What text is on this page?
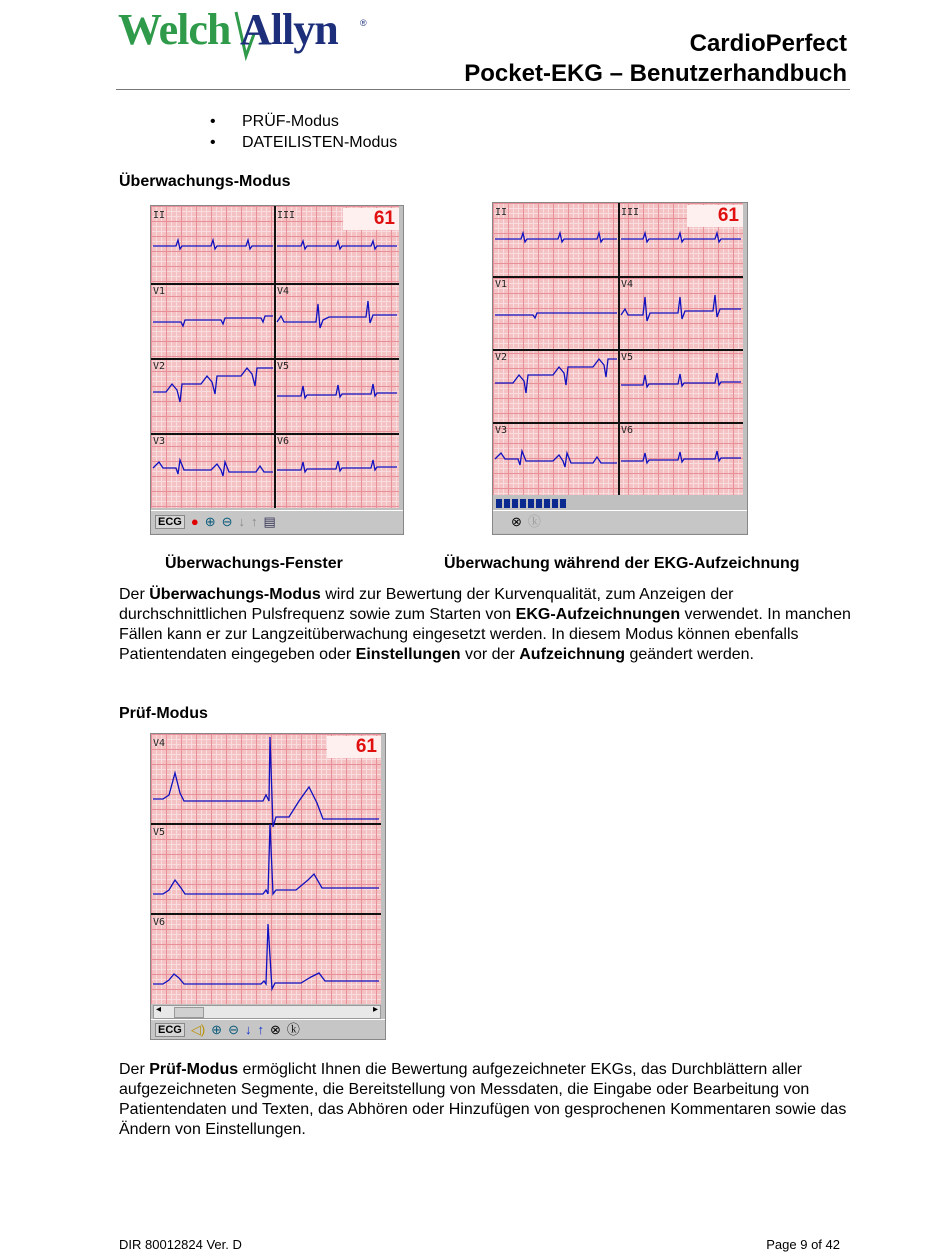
Welch Allyn ®
CardioPerfect
Pocket-EKG – Benutzerhandbuch
•	PRÜF-Modus
•	DATEILISTEN-Modus
Überwachungs-Modus
II	III
V1	V4
V2	V5
V3	V6
61
ECG ● ⊕ ⊖ ↓ ↑ ▤
II	III
V1	V4
V2	V5
V3	V6
61
⊗ ⓚ
Überwachungs-Fenster	Überwachung während der EKG-Aufzeichnung
Der Überwachungs-Modus wird zur Bewertung der Kurvenqualität, zum Anzeigen der durchschnittlichen Pulsfrequenz sowie zum Starten von EKG-Aufzeichnungen verwendet. In manchen Fällen kann er zur Langzeitüberwachung eingesetzt werden. In diesem Modus können ebenfalls Patientendaten eingegeben oder Einstellungen vor der Aufzeichnung geändert werden.
Prüf-Modus
V4
V5
V6
61
◂	▸
ECG ◁) ⊕ ⊖ ↓ ↑ ⊗ ⓚ
Der Prüf-Modus ermöglicht Ihnen die Bewertung aufgezeichneter EKGs, das Durchblättern aller aufgezeichneten Segmente, die Bereitstellung von Messdaten, die Eingabe oder Bearbeitung von Patientendaten und Texten, das Abhören oder Hinzufügen von gesprochenen Kommentaren sowie das Ändern von Einstellungen.
DIR 80012824 Ver. D	Page 9 of 42
